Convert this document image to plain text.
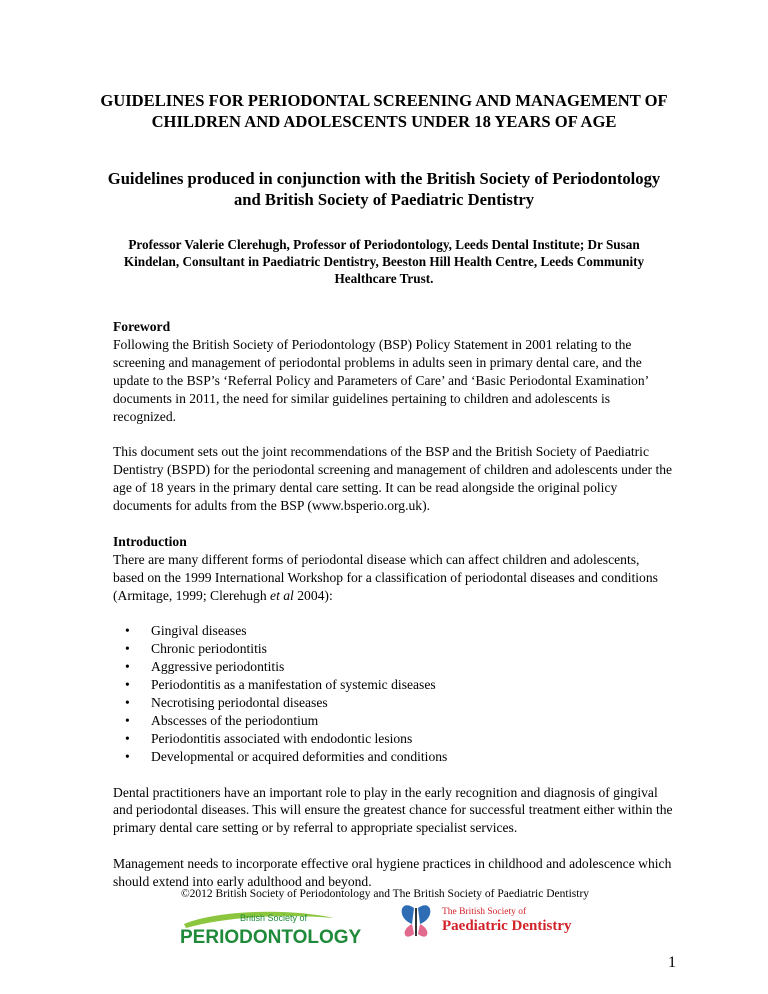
GUIDELINES FOR PERIODONTAL SCREENING AND MANAGEMENT OF CHILDREN AND ADOLESCENTS UNDER 18 YEARS OF AGE
Guidelines produced in conjunction with the British Society of Periodontology and British Society of Paediatric Dentistry
Professor Valerie Clerehugh, Professor of Periodontology, Leeds Dental Institute; Dr Susan Kindelan, Consultant in Paediatric Dentistry, Beeston Hill Health Centre, Leeds Community Healthcare Trust.
Foreword

Following the British Society of Periodontology (BSP) Policy Statement in 2001 relating to the screening and management of periodontal problems in adults seen in primary dental care, and the update to the BSP’s ‘Referral Policy and Parameters of Care’ and ‘Basic Periodontal Examination’ documents in 2011, the need for similar guidelines pertaining to children and adolescents is recognized.

This document sets out the joint recommendations of the BSP and the British Society of Paediatric Dentistry (BSPD) for the periodontal screening and management of children and adolescents under the age of 18 years in the primary dental care setting. It can be read alongside the original policy documents for adults from the BSP (www.bsperio.org.uk).

Introduction

There are many different forms of periodontal disease which can affect children and adolescents, based on the 1999 International Workshop for a classification of periodontal diseases and conditions (Armitage, 1999; Clerehugh et al 2004):

• Gingival diseases
• Chronic periodontitis
• Aggressive periodontitis
• Periodontitis as a manifestation of systemic diseases
• Necrotising periodontal diseases
• Abscesses of the periodontium
• Periodontitis associated with endodontic lesions
• Developmental or acquired deformities and conditions

Dental practitioners have an important role to play in the early recognition and diagnosis of gingival and periodontal diseases. This will ensure the greatest chance for successful treatment either within the primary dental care setting or by referral to appropriate specialist services.

Management needs to incorporate effective oral hygiene practices in childhood and adolescence which should extend into early adulthood and beyond.

©2012 British Society of Periodontology and The British Society of Paediatric Dentistry
British Society of
PERIODONTOLOGY
The British Society of
Paediatric Dentistry
1
